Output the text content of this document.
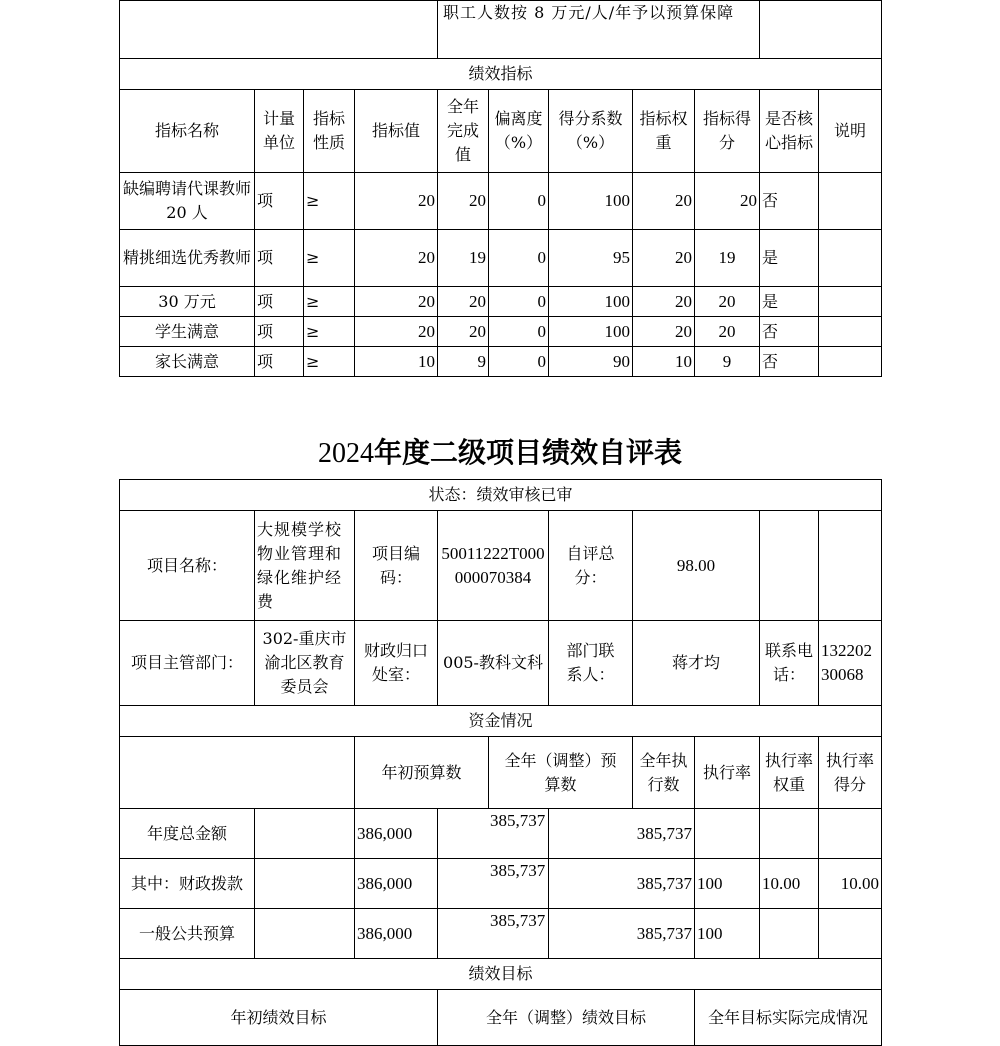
				职工人数按 8 万元/人/年予以预算保障						
绩效指标										
指标名称	计量单位	指标性质	指标值	全年完成值	偏离度（%）	得分系数（%）	指标权重	指标得分	是否核心指标	说明
缺编聘请代课教师 20 人	项	≥	20	20	0	100	20	20	否	
精挑细选优秀教师	项	≥	20	19	0	95	20	19	是	
30 万元	项	≥	20	20	0	100	20	20	是	
学生满意	项	≥	20	20	0	100	20	20	否	
家长满意	项	≥	10	9	0	90	10	9	否	
2024年度二级项目绩效自评表
状态：绩效审核已审									
项目名称：	大规模学校物业管理和绿化维护经费	项目编码：	50011222T000000070384		自评总分：	98.00			
项目主管部门：	302-重庆市渝北区教育委员会	财政归口处室：	005-教科文科		部门联系人：	蒋才均		联系电话：	13220230068
资金情况									
		年初预算数		全年（调整）预算数		全年执行数	执行率	执行率权重	执行率得分
年度总金额		386,000	385,737		385,737				
其中：财政拨款		386,000	385,737		385,737		100	10.00	10.00
一般公共预算		386,000	385,737		385,737		100		
绩效目标									
年初绩效目标			全年（调整）绩效目标				全年目标实际完成情况		
